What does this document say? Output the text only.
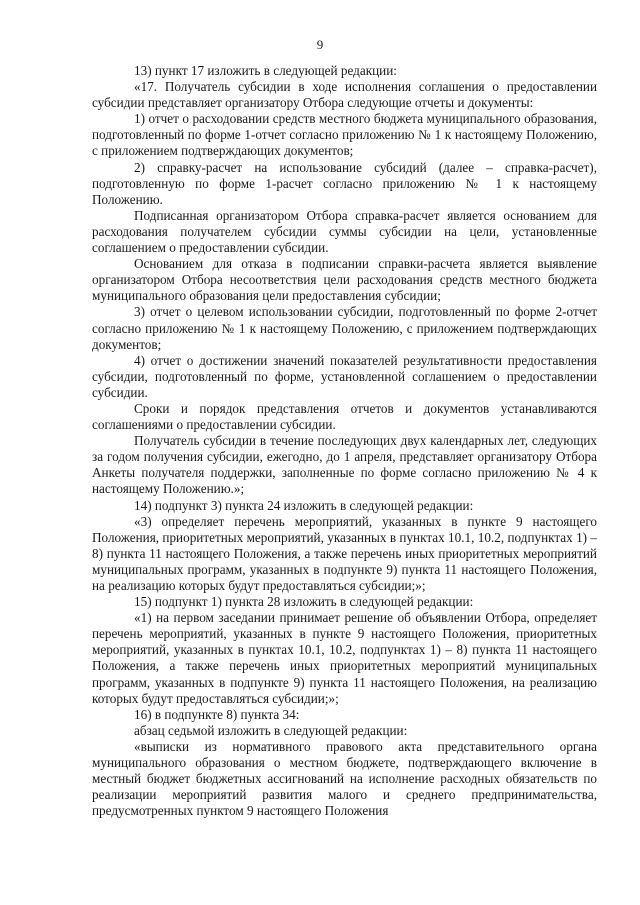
9

13) пункт 17 изложить в следующей редакции:

«17. Получатель субсидии в ходе исполнения соглашения о предоставлении субсидии представляет организатору Отбора следующие отчеты и документы:

1) отчет о расходовании средств местного бюджета муниципального образования, подготовленный по форме 1-отчет согласно приложению № 1 к настоящему Положению, с приложением подтверждающих документов;

2) справку-расчет на использование субсидий (далее – справка-расчет), подготовленную по форме 1-расчет согласно приложению № 1 к настоящему Положению.

Подписанная организатором Отбора справка-расчет является основанием для расходования получателем субсидии суммы субсидии на цели, установленные соглашением о предоставлении субсидии.

Основанием для отказа в подписании справки-расчета является выявление организатором Отбора несоответствия цели расходования средств местного бюджета муниципального образования цели предоставления субсидии;

3) отчет о целевом использовании субсидии, подготовленный по форме 2-отчет согласно приложению № 1 к настоящему Положению, с приложением подтверждающих документов;

4) отчет о достижении значений показателей результативности предоставления субсидии, подготовленный по форме, установленной соглашением о предоставлении субсидии.

Сроки и порядок представления отчетов и документов устанавливаются соглашениями о предоставлении субсидии.

Получатель субсидии в течение последующих двух календарных лет, следующих за годом получения субсидии, ежегодно, до 1 апреля, представляет организатору Отбора Анкеты получателя поддержки, заполненные по форме согласно приложению № 4 к настоящему Положению.»;

14) подпункт 3) пункта 24 изложить в следующей редакции:

«3) определяет перечень мероприятий, указанных в пункте 9 настоящего Положения, приоритетных мероприятий, указанных в пунктах 10.1, 10.2, подпунктах 1) – 8) пункта 11 настоящего Положения, а также перечень иных приоритетных мероприятий муниципальных программ, указанных в подпункте 9) пункта 11 настоящего Положения, на реализацию которых будут предоставляться субсидии;»;

15) подпункт 1) пункта 28 изложить в следующей редакции:

«1) на первом заседании принимает решение об объявлении Отбора, определяет перечень мероприятий, указанных в пункте 9 настоящего Положения, приоритетных мероприятий, указанных в пунктах 10.1, 10.2, подпунктах 1) – 8) пункта 11 настоящего Положения, а также перечень иных приоритетных мероприятий муниципальных программ, указанных в подпункте 9) пункта 11 настоящего Положения, на реализацию которых будут предоставляться субсидии;»;

16) в подпункте 8) пункта 34:

абзац седьмой изложить в следующей редакции:

«выписки из нормативного правового акта представительного органа муниципального образования о местном бюджете, подтверждающего включение в местный бюджет бюджетных ассигнований на исполнение расходных обязательств по реализации мероприятий развития малого и среднего предпринимательства, предусмотренных пунктом 9 настоящего Положения
